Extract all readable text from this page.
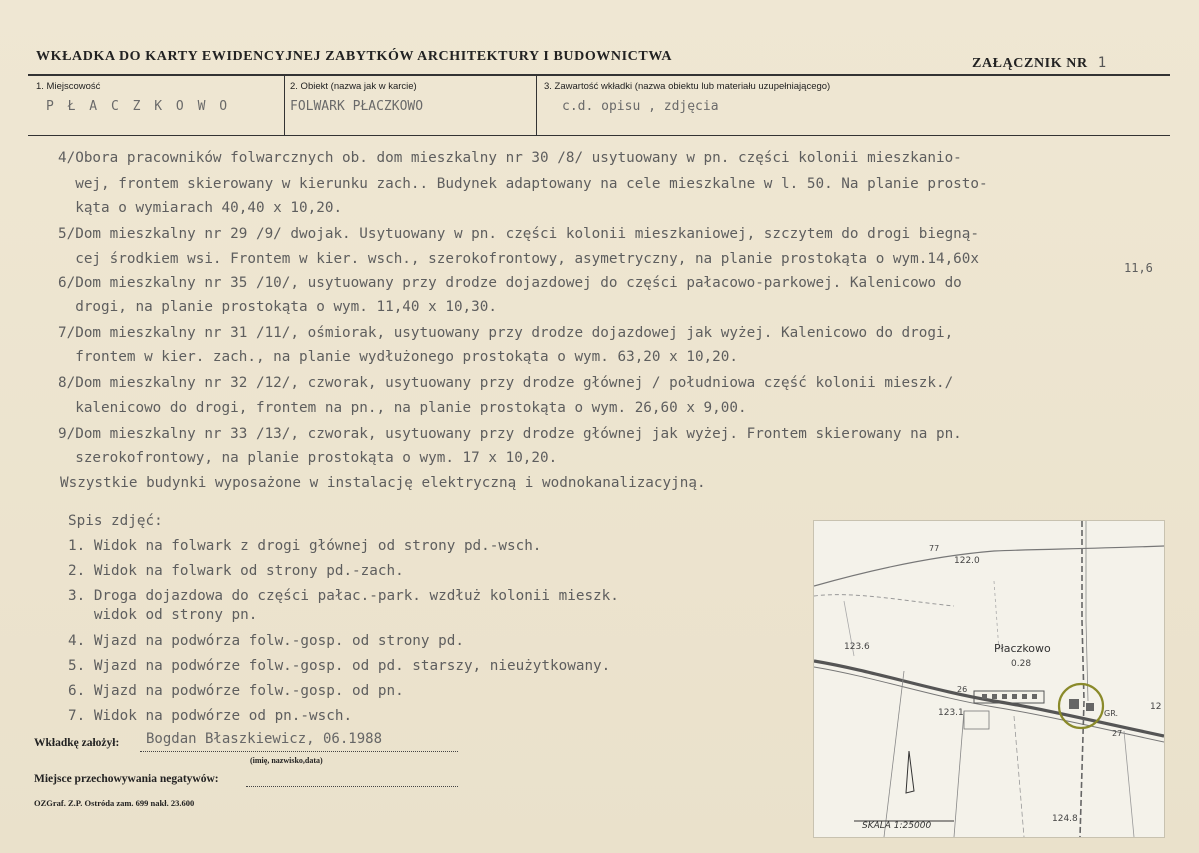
WKŁADKA DO KARTY EWIDENCYJNEJ ZABYTKÓW ARCHITEKTURY I BUDOWNICTWA	ZAŁĄCZNIK NR 1
1. Miejscowość
P Ł A C Z K O W O
2. Obiekt (nazwa jak w karcie)
FOLWARK PŁACZKOWO
3. Zawartość wkładki (nazwa obiektu lub materiału uzupełniającego)
c.d. opisu , zdjęcia
4/Obora pracowników folwarcznych ob. dom mieszkalny nr 30 /8/ usytuowany w pn. części kolonii mieszkanio-
wej, frontem skierowany w kierunku zach.. Budynek adaptowany na cele mieszkalne w l. 50. Na planie prosto-
kąta o wymiarach 40,40 x 10,20.
5/Dom mieszkalny nr 29 /9/ dwojak. Usytuowany w pn. części kolonii mieszkaniowej, szczytem do drogi biegną-
cej środkiem wsi. Frontem w kier. wsch., szerokofrontowy, asymetryczny, na planie prostokąta o wym.14,60x
6/Dom mieszkalny nr 35 /10/, usytuowany przy drodze dojazdowej do części pałacowo-parkowej. Kalenicowo do
drogi, na planie prostokąta o wym. 11,40 x 10,30.
7/Dom mieszkalny nr 31 /11/, ośmiorak, usytuowany przy drodze dojazdowej jak wyżej. Kalenicowo do drogi,
frontem w kier. zach., na planie wydłużonego prostokąta o wym. 63,20 x 10,20.
8/Dom mieszkalny nr 32 /12/, czworak, usytuowany przy drodze głównej / południowa część kolonii mieszk./
kalenicowo do drogi, frontem na pn., na planie prostokąta o wym. 26,60 x 9,00.
9/Dom mieszkalny nr 33 /13/, czworak, usytuowany przy drodze głównej jak wyżej. Frontem skierowany na pn.
szerokofrontowy, na planie prostokąta o wym. 17 x 10,20.
Wszystkie budynki wyposażone w instalację elektryczną i wodnokanalizacyjną.
11,6
Spis zdjęć:
1. Widok na folwark z drogi głównej od strony pd.-wsch.
2. Widok na folwark od strony pd.-zach.
3. Droga dojazdowa do części pałac.-park. wzdłuż kolonii mieszk.
widok od strony pn.
4. Wjazd na podwórza folw.-gosp. od strony pd.
5. Wjazd na podwórze folw.-gosp. od pd. starszy, nieużytkowany.
6. Wjazd na podwórze folw.-gosp. od pn.
7. Widok na podwórze od pn.-wsch.
Wkładkę założył: Bogdan Błaszkiewicz, 06.1988
(imię, nazwisko,data)
Miejsce przechowywania negatywów:
OZGraf. Z.P. Ostróda zam. 699 nakł. 23.600
SKALA 1:25000
122.0
77
123.6	Płaczkowo
0.28
26
123.1	GR.
12
27
124.8
